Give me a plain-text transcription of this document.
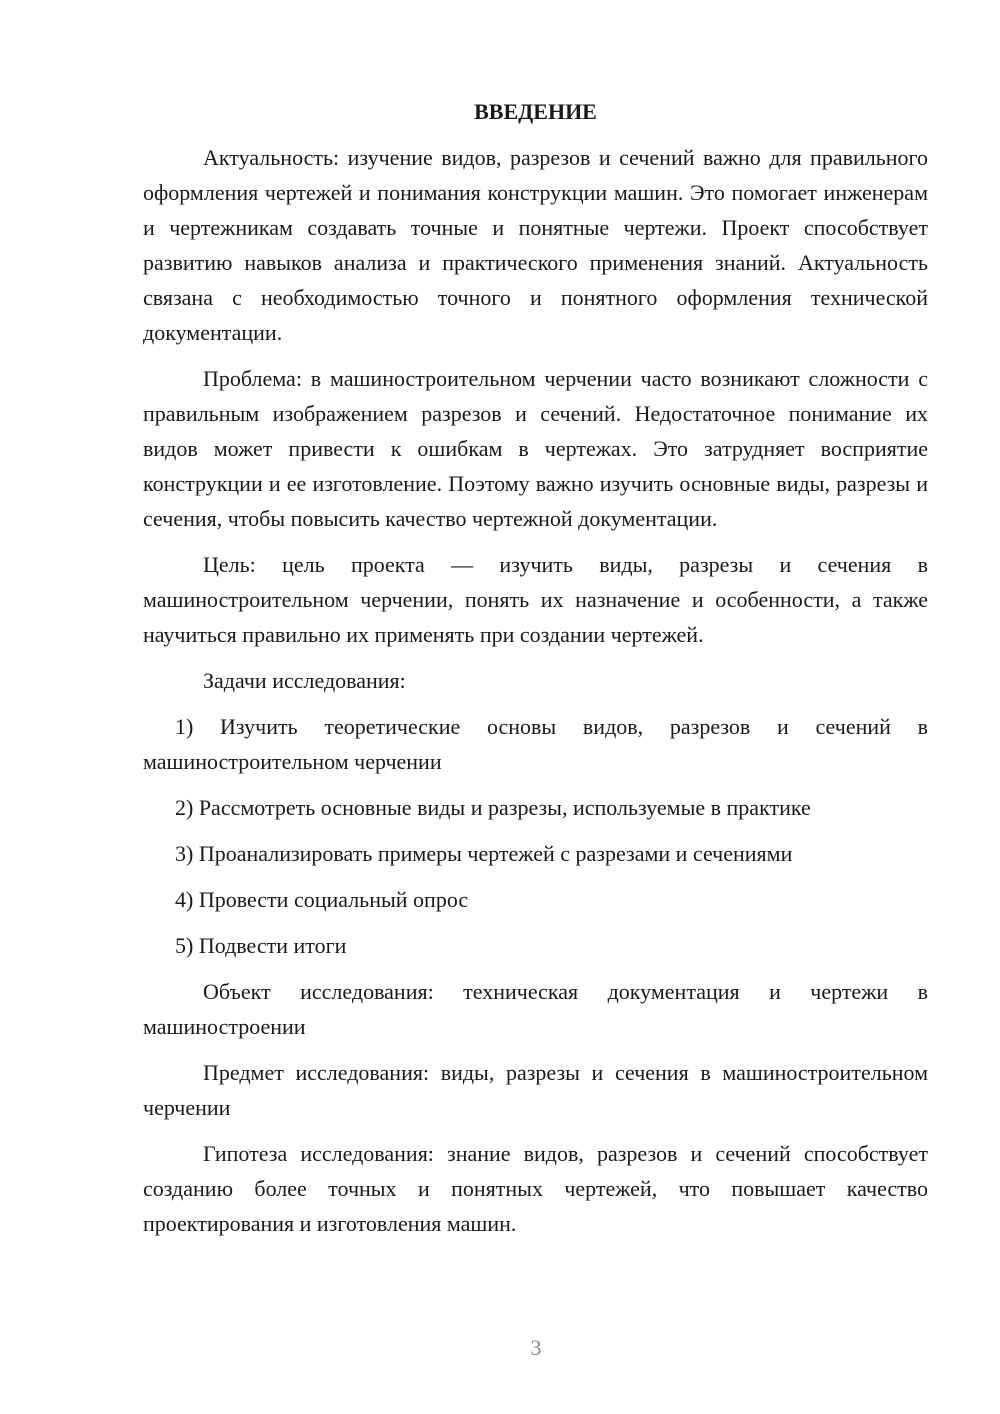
ВВЕДЕНИЕ

Актуальность: изучение видов, разрезов и сечений важно для правильного оформления чертежей и понимания конструкции машин. Это помогает инженерам и чертежникам создавать точные и понятные чертежи. Проект способствует развитию навыков анализа и практического применения знаний. Актуальность связана с необходимостью точного и понятного оформления технической документации.

Проблема: в машиностроительном черчении часто возникают сложности с правильным изображением разрезов и сечений. Недостаточное понимание их видов может привести к ошибкам в чертежах. Это затрудняет восприятие конструкции и ее изготовление. Поэтому важно изучить основные виды, разрезы и сечения, чтобы повысить качество чертежной документации.

Цель: цель проекта — изучить виды, разрезы и сечения в машиностроительном черчении, понять их назначение и особенности, а также научиться правильно их применять при создании чертежей.

Задачи исследования:

1) Изучить теоретические основы видов, разрезов и сечений в машиностроительном черчении

2) Рассмотреть основные виды и разрезы, используемые в практике

3) Проанализировать примеры чертежей с разрезами и сечениями

4) Провести социальный опрос

5) Подвести итоги

Объект исследования: техническая документация и чертежи в машиностроении

Предмет исследования: виды, разрезы и сечения в машиностроительном черчении

Гипотеза исследования: знание видов, разрезов и сечений способствует созданию более точных и понятных чертежей, что повышает качество проектирования и изготовления машин.

3
